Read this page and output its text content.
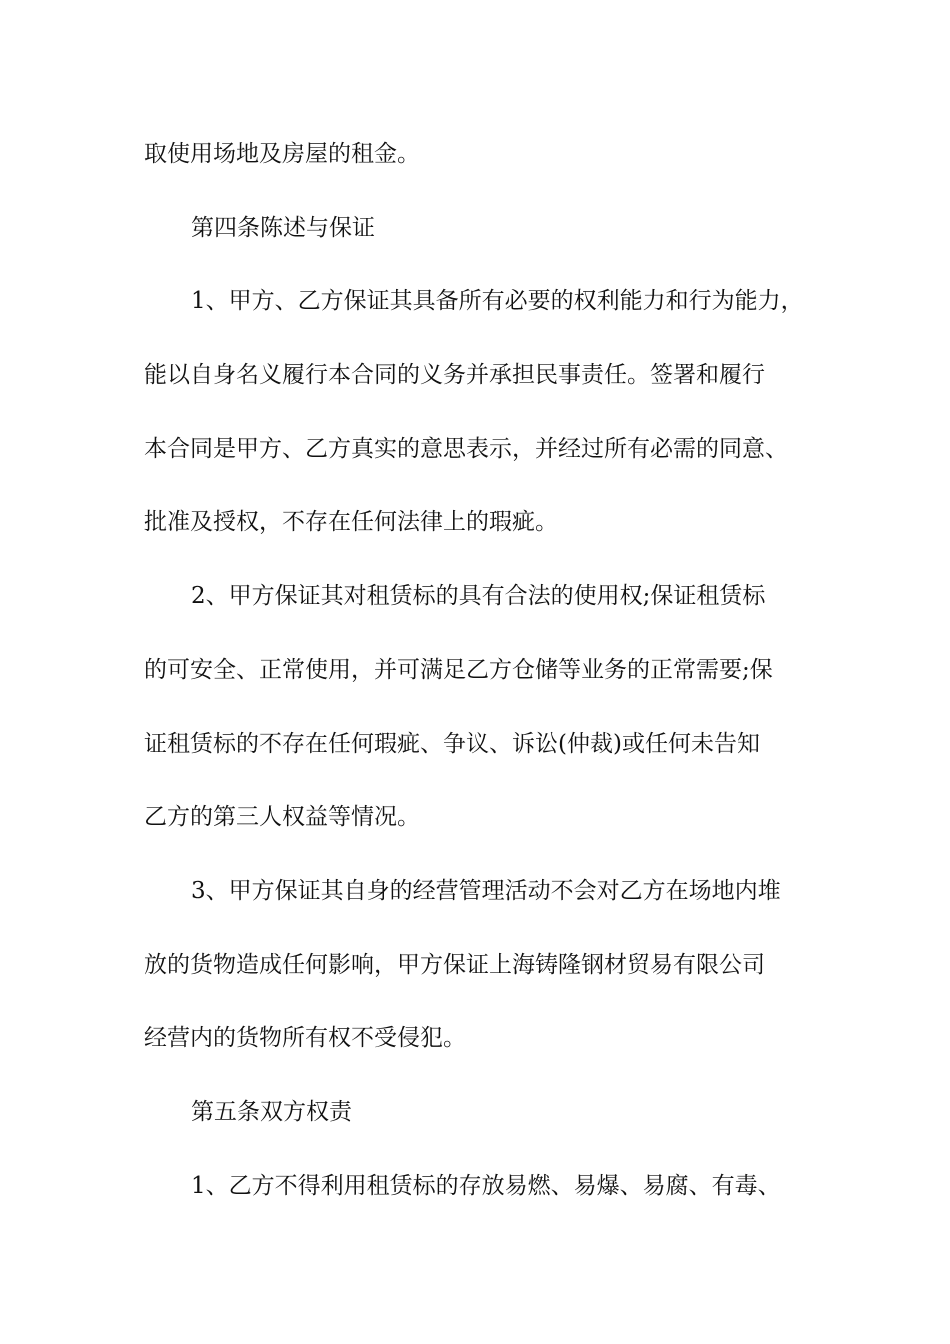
取使用场地及房屋的租金。
第四条陈述与保证
1、甲方、乙方保证其具备所有必要的权利能力和行为能力，
能以自身名义履行本合同的义务并承担民事责任。签署和履行
本合同是甲方、乙方真实的意思表示，并经过所有必需的同意、
批准及授权，不存在任何法律上的瑕疵。
2、甲方保证其对租赁标的具有合法的使用权;保证租赁标
的可安全、正常使用，并可满足乙方仓储等业务的正常需要;保
证租赁标的不存在任何瑕疵、争议、诉讼(仲裁)或任何未告知
乙方的第三人权益等情况。
3、甲方保证其自身的经营管理活动不会对乙方在场地内堆
放的货物造成任何影响，甲方保证上海铸隆钢材贸易有限公司
经营内的货物所有权不受侵犯。
第五条双方权责
1、乙方不得利用租赁标的存放易燃、易爆、易腐、有毒、
